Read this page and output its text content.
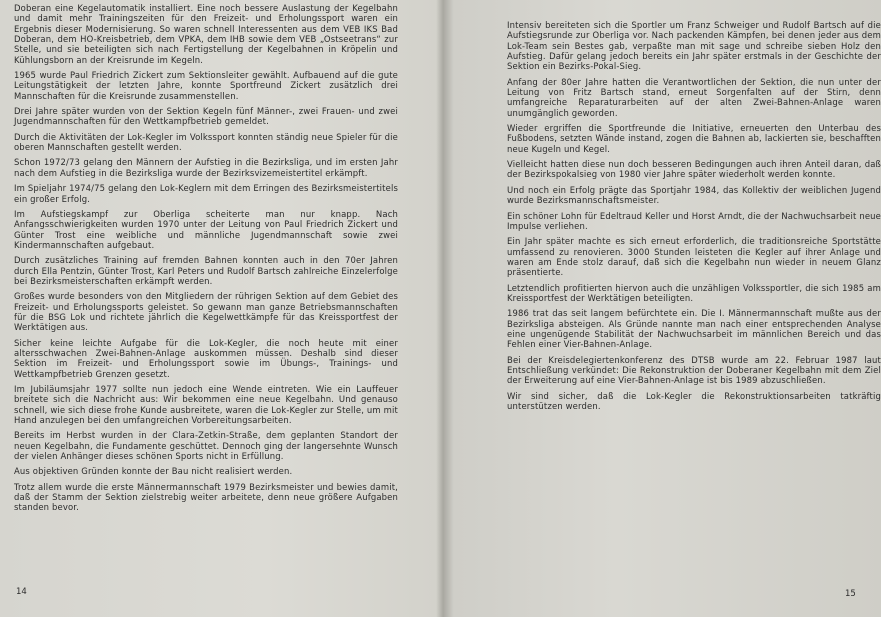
Doberan eine Kegelautomatik installiert. Eine noch bessere Auslastung der Kegelbahn und damit mehr Trainingszeiten für den Freizeit- und Erholungssport waren ein Ergebnis dieser Modernisierung. So waren schnell Interessenten aus dem VEB IKS Bad Doberan, dem HO-Kreisbetrieb, dem VPKA, dem IHB sowie dem VEB „Ostseetrans“ zur Stelle, und sie beteiligten sich nach Fertigstellung der Kegelbahnen in Kröpelin und Kühlungsborn an der Kreisrunde im Kegeln.

1965 wurde Paul Friedrich Zickert zum Sektionsleiter gewählt. Aufbauend auf die gute Leitungstätigkeit der letzten Jahre, konnte Sportfreund Zickert zusätzlich drei Mannschaften für die Kreisrunde zusammenstellen.

Drei Jahre später wurden von der Sektion Kegeln fünf Männer-, zwei Frauen- und zwei Jugendmannschaften für den Wettkampfbetrieb gemeldet.

Durch die Aktivitäten der Lok-Kegler im Volkssport konnten ständig neue Spieler für die oberen Mannschaften gestellt werden.

Schon 1972/73 gelang den Männern der Aufstieg in die Bezirksliga, und im ersten Jahr nach dem Aufstieg in die Bezirksliga wurde der Bezirksvizemeistertitel erkämpft.

Im Spieljahr 1974/75 gelang den Lok-Keglern mit dem Erringen des Bezirksmeistertitels ein großer Erfolg.

Im Aufstiegskampf zur Oberliga scheiterte man nur knapp. Nach Anfangsschwierigkeiten wurden 1970 unter der Leitung von Paul Friedrich Zickert und Günter Trost eine weibliche und männliche Jugendmannschaft sowie zwei Kindermannschaften aufgebaut.

Durch zusätzliches Training auf fremden Bahnen konnten auch in den 70er Jahren durch Ella Pentzin, Günter Trost, Karl Peters und Rudolf Bartsch zahlreiche Einzelerfolge bei Bezirksmeisterschaften erkämpft werden.

Großes wurde besonders von den Mitgliedern der rührigen Sektion auf dem Gebiet des Freizeit- und Erholungssports geleistet. So gewann man ganze Betriebsmannschaften für die BSG Lok und richtete jährlich die Kegelwettkämpfe für das Kreissportfest der Werktätigen aus.

Sicher keine leichte Aufgabe für die Lok-Kegler, die noch heute mit einer altersschwachen Zwei-Bahnen-Anlage auskommen müssen. Deshalb sind dieser Sektion im Freizeit- und Erholungssport sowie im Übungs-, Trainings- und Wettkampfbetrieb Grenzen gesetzt.

Im Jubiläumsjahr 1977 sollte nun jedoch eine Wende eintreten. Wie ein Lauffeuer breitete sich die Nachricht aus: Wir bekommen eine neue Kegelbahn. Und genauso schnell, wie sich diese frohe Kunde ausbreitete, waren die Lok-Kegler zur Stelle, um mit Hand anzulegen bei den umfangreichen Vorbereitungsarbeiten.

Bereits im Herbst wurden in der Clara-Zetkin-Straße, dem geplanten Standort der neuen Kegelbahn, die Fundamente geschüttet. Dennoch ging der langersehnte Wunsch der vielen Anhänger dieses schönen Sports nicht in Erfüllung.

Aus objektiven Gründen konnte der Bau nicht realisiert werden.

Trotz allem wurde die erste Männermannschaft 1979 Bezirksmeister und bewies damit, daß der Stamm der Sektion zielstrebig weiter arbeitete, denn neue größere Aufgaben standen bevor.

14

Intensiv bereiteten sich die Sportler um Franz Schweiger und Rudolf Bartsch auf die Aufstiegsrunde zur Oberliga vor. Nach packenden Kämpfen, bei denen jeder aus dem Lok-Team sein Bestes gab, verpaßte man mit sage und schreibe sieben Holz den Aufstieg. Dafür gelang jedoch bereits ein Jahr später erstmals in der Geschichte der Sektion ein Bezirks-Pokal-Sieg.

Anfang der 80er Jahre hatten die Verantwortlichen der Sektion, die nun unter der Leitung von Fritz Bartsch stand, erneut Sorgenfalten auf der Stirn, denn umfangreiche Reparaturarbeiten auf der alten Zwei-Bahnen-Anlage waren unumgänglich geworden.

Wieder ergriffen die Sportfreunde die Initiative, erneuerten den Unterbau des Fußbodens, setzten Wände instand, zogen die Bahnen ab, lackierten sie, beschafften neue Kugeln und Kegel.

Vielleicht hatten diese nun doch besseren Bedingungen auch ihren Anteil daran, daß der Bezirkspokalsieg von 1980 vier Jahre später wiederholt werden konnte.

Und noch ein Erfolg prägte das Sportjahr 1984, das Kollektiv der weiblichen Jugend wurde Bezirksmannschaftsmeister.

Ein schöner Lohn für Edeltraud Keller und Horst Arndt, die der Nachwuchsarbeit neue Impulse verliehen.

Ein Jahr später machte es sich erneut erforderlich, die traditionsreiche Sportstätte umfassend zu renovieren. 3000 Stunden leisteten die Kegler auf ihrer Anlage und waren am Ende stolz darauf, daß sich die Kegelbahn nun wieder in neuem Glanz präsentierte.

Letztendlich profitierten hiervon auch die unzähligen Volkssportler, die sich 1985 am Kreissportfest der Werktätigen beteiligten.

1986 trat das seit langem befürchtete ein. Die I. Männermannschaft mußte aus der Bezirksliga absteigen. Als Gründe nannte man nach einer entsprechenden Analyse eine ungenügende Stabilität der Nachwuchsarbeit im männlichen Bereich und das Fehlen einer Vier-Bahnen-Anlage.

Bei der Kreisdelegiertenkonferenz des DTSB wurde am 22. Februar 1987 laut Entschließung verkündet: Die Rekonstruktion der Doberaner Kegelbahn mit dem Ziel der Erweiterung auf eine Vier-Bahnen-Anlage ist bis 1989 abzuschließen.

Wir sind sicher, daß die Lok-Kegler die Rekonstruktionsarbeiten tatkräftig unterstützen werden.

15
